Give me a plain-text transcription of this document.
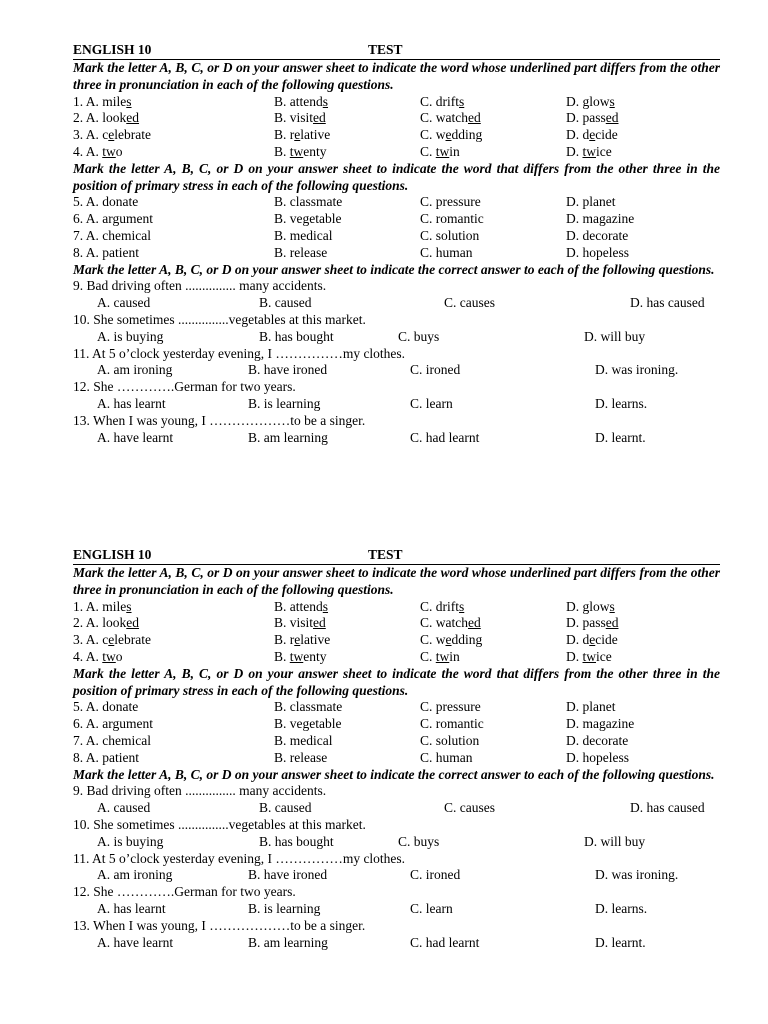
ENGLISH 10	TEST
Mark the letter A, B, C, or D on your answer sheet to indicate the word whose underlined part differs from the other three in pronunciation in each of the following questions.
1. A. miles	B. attends	C. drifts	D. glows
2. A. looked	B. visited	C. watched	D. passed
3. A. celebrate	B. relative	C. wedding	D. decide
4. A. two	B. twenty	C. twin	D. twice
Mark the letter A, B, C, or D on your answer sheet to indicate the word that differs from the other three in the position of primary stress in each of the following questions.
5. A. donate	B. classmate	C. pressure	D. planet
6. A. argument	B. vegetable	C. romantic	D. magazine
7. A. chemical	B. medical	C. solution	D. decorate
8. A. patient	B. release	C. human	D. hopeless
Mark the letter A, B, C, or D on your answer sheet to indicate the correct answer to each of the following questions.
9. Bad driving often ............... many accidents.
A. caused	B. caused	C. causes	D. has caused
10. She sometimes ...............vegetables at this market.
A. is buying	B. has bought	C. buys	D. will buy
11. At 5 o’clock yesterday evening, I ……………my clothes.
A. am ironing	B. have ironed	C. ironed	D. was ironing.
12. She ………….German for two years.
A. has learnt	B. is learning	C. learn	D. learns.
13. When I was young, I ………………to be a singer.
A. have learnt	B. am learning	C. had learnt	D. learnt.
ENGLISH 10	TEST
Mark the letter A, B, C, or D on your answer sheet to indicate the word whose underlined part differs from the other three in pronunciation in each of the following questions.
1. A. miles	B. attends	C. drifts	D. glows
2. A. looked	B. visited	C. watched	D. passed
3. A. celebrate	B. relative	C. wedding	D. decide
4. A. two	B. twenty	C. twin	D. twice
Mark the letter A, B, C, or D on your answer sheet to indicate the word that differs from the other three in the position of primary stress in each of the following questions.
5. A. donate	B. classmate	C. pressure	D. planet
6. A. argument	B. vegetable	C. romantic	D. magazine
7. A. chemical	B. medical	C. solution	D. decorate
8. A. patient	B. release	C. human	D. hopeless
Mark the letter A, B, C, or D on your answer sheet to indicate the correct answer to each of the following questions.
9. Bad driving often ............... many accidents.
A. caused	B. caused	C. causes	D. has caused
10. She sometimes ...............vegetables at this market.
A. is buying	B. has bought	C. buys	D. will buy
11. At 5 o’clock yesterday evening, I ……………my clothes.
A. am ironing	B. have ironed	C. ironed	D. was ironing.
12. She ………….German for two years.
A. has learnt	B. is learning	C. learn	D. learns.
13. When I was young, I ………………to be a singer.
A. have learnt	B. am learning	C. had learnt	D. learnt.
